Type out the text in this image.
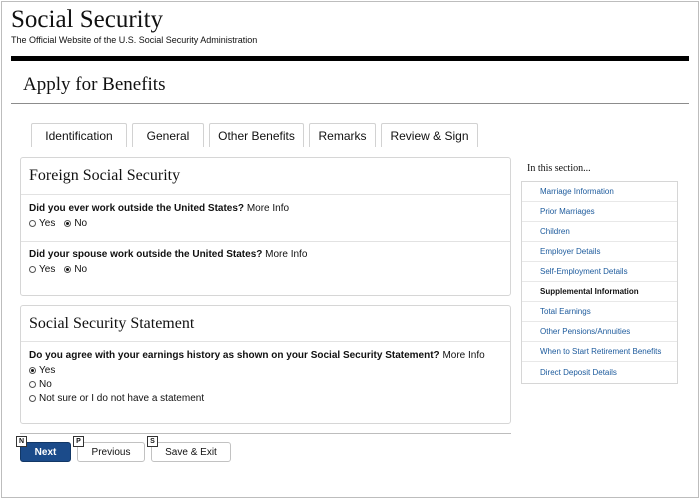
Social Security
The Official Website of the U.S. Social Security Administration
Apply for Benefits
Identification	General	Other Benefits	Remarks	Review & Sign
Foreign Social Security
Did you ever work outside the United States? More Info
Yes No
Did your spouse work outside the United States? More Info
Yes No
Social Security Statement
Do you agree with your earnings history as shown on your Social Security Statement? More Info
Yes
No
Not sure or I do not have a statement
In this section...
Marriage Information
Prior Marriages
Children
Employer Details
Self-Employment Details
Supplemental Information
Total Earnings
Other Pensions/Annuities
When to Start Retirement Benefits
Direct Deposit Details
Next
N
Previous
P
Save & Exit
S
